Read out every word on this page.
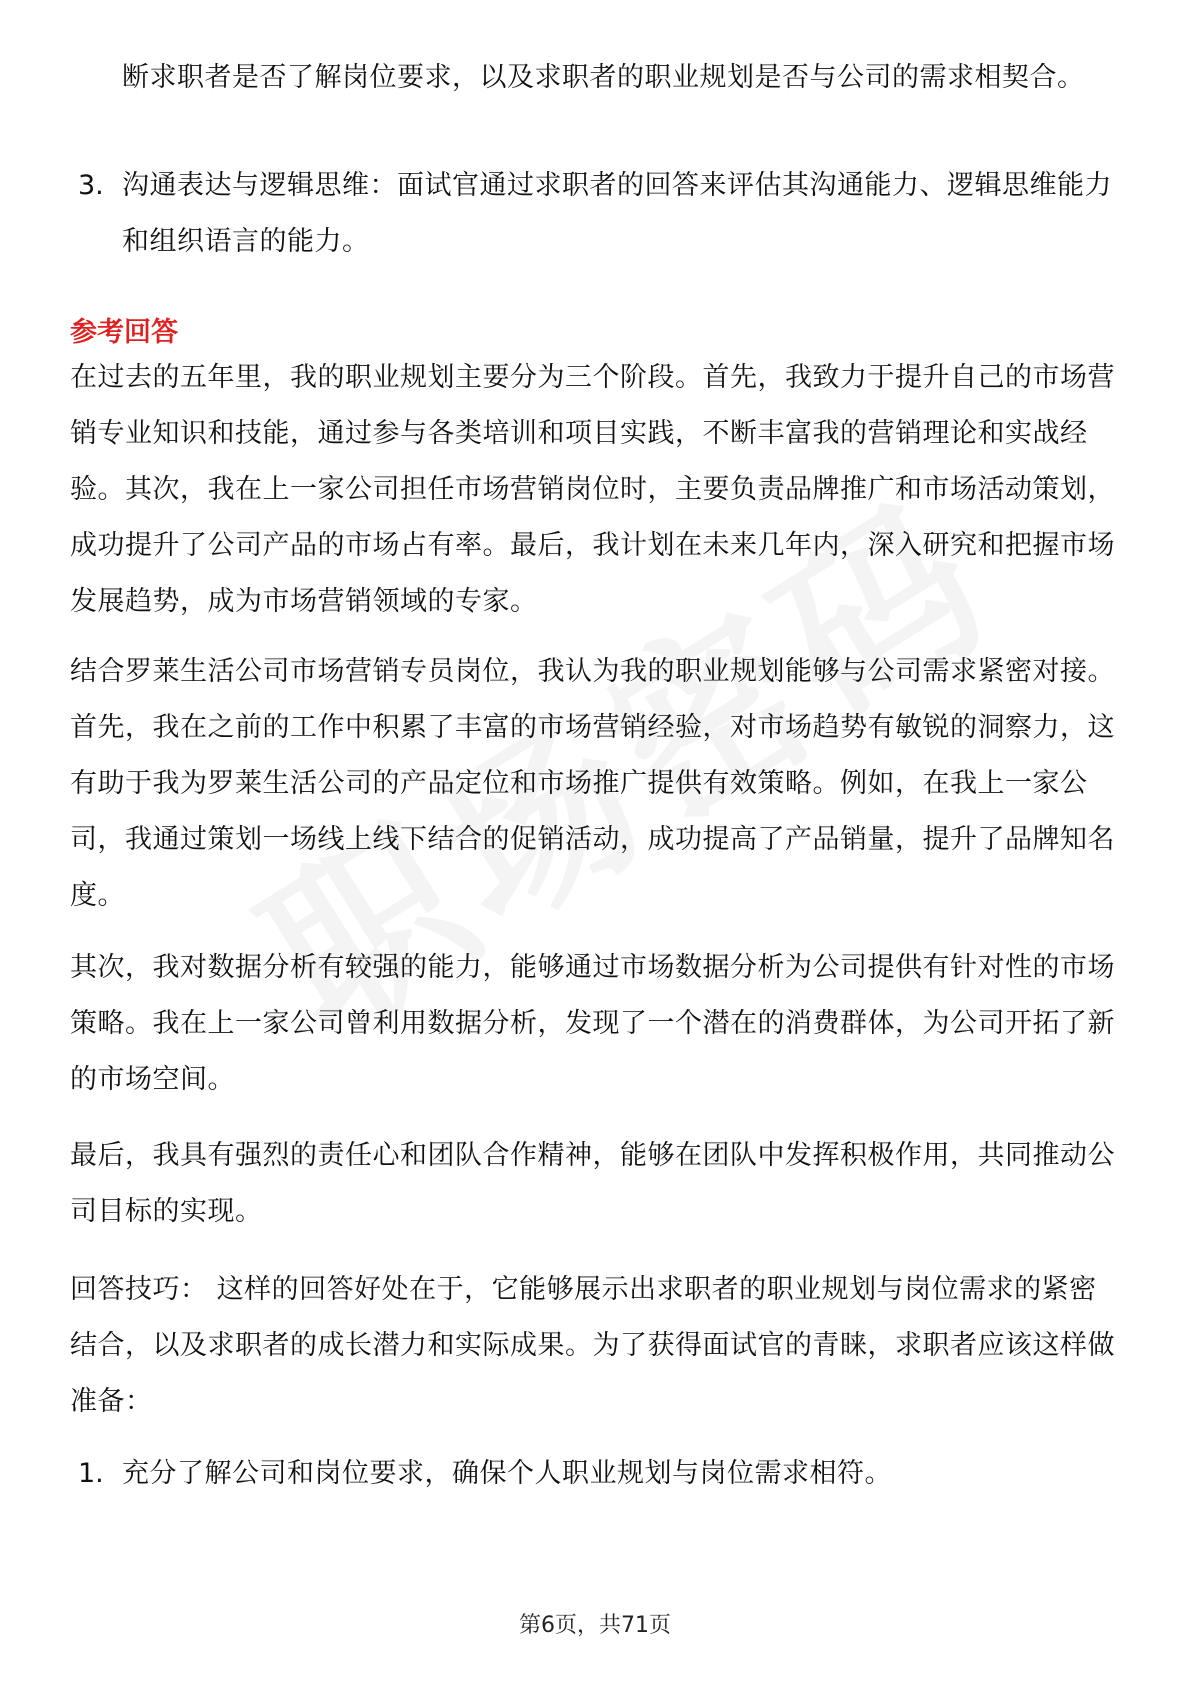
断求职者是否了解岗位要求，以及求职者的职业规划是否与公司的需求相契合。
3. 沟通表达与逻辑思维：面试官通过求职者的回答来评估其沟通能力、逻辑思维能力和组织语言的能力。
参考回答
在过去的五年里，我的职业规划主要分为三个阶段。首先，我致力于提升自己的市场营销专业知识和技能，通过参与各类培训和项目实践，不断丰富我的营销理论和实战经验。其次，我在上一家公司担任市场营销岗位时，主要负责品牌推广和市场活动策划，成功提升了公司产品的市场占有率。最后，我计划在未来几年内，深入研究和把握市场发展趋势，成为市场营销领域的专家。
结合罗莱生活公司市场营销专员岗位，我认为我的职业规划能够与公司需求紧密对接。首先，我在之前的工作中积累了丰富的市场营销经验，对市场趋势有敏锐的洞察力，这有助于我为罗莱生活公司的产品定位和市场推广提供有效策略。例如，在我上一家公司，我通过策划一场线上线下结合的促销活动，成功提高了产品销量，提升了品牌知名度。
其次，我对数据分析有较强的能力，能够通过市场数据分析为公司提供有针对性的市场策略。我在上一家公司曾利用数据分析，发现了一个潜在的消费群体，为公司开拓了新的市场空间。
最后，我具有强烈的责任心和团队合作精神，能够在团队中发挥积极作用，共同推动公司目标的实现。
回答技巧： 这样的回答好处在于，它能够展示出求职者的职业规划与岗位需求的紧密结合，以及求职者的成长潜力和实际成果。为了获得面试官的青睐，求职者应该这样做准备：
1. 充分了解公司和岗位要求，确保个人职业规划与岗位需求相符。
第6页，共71页
